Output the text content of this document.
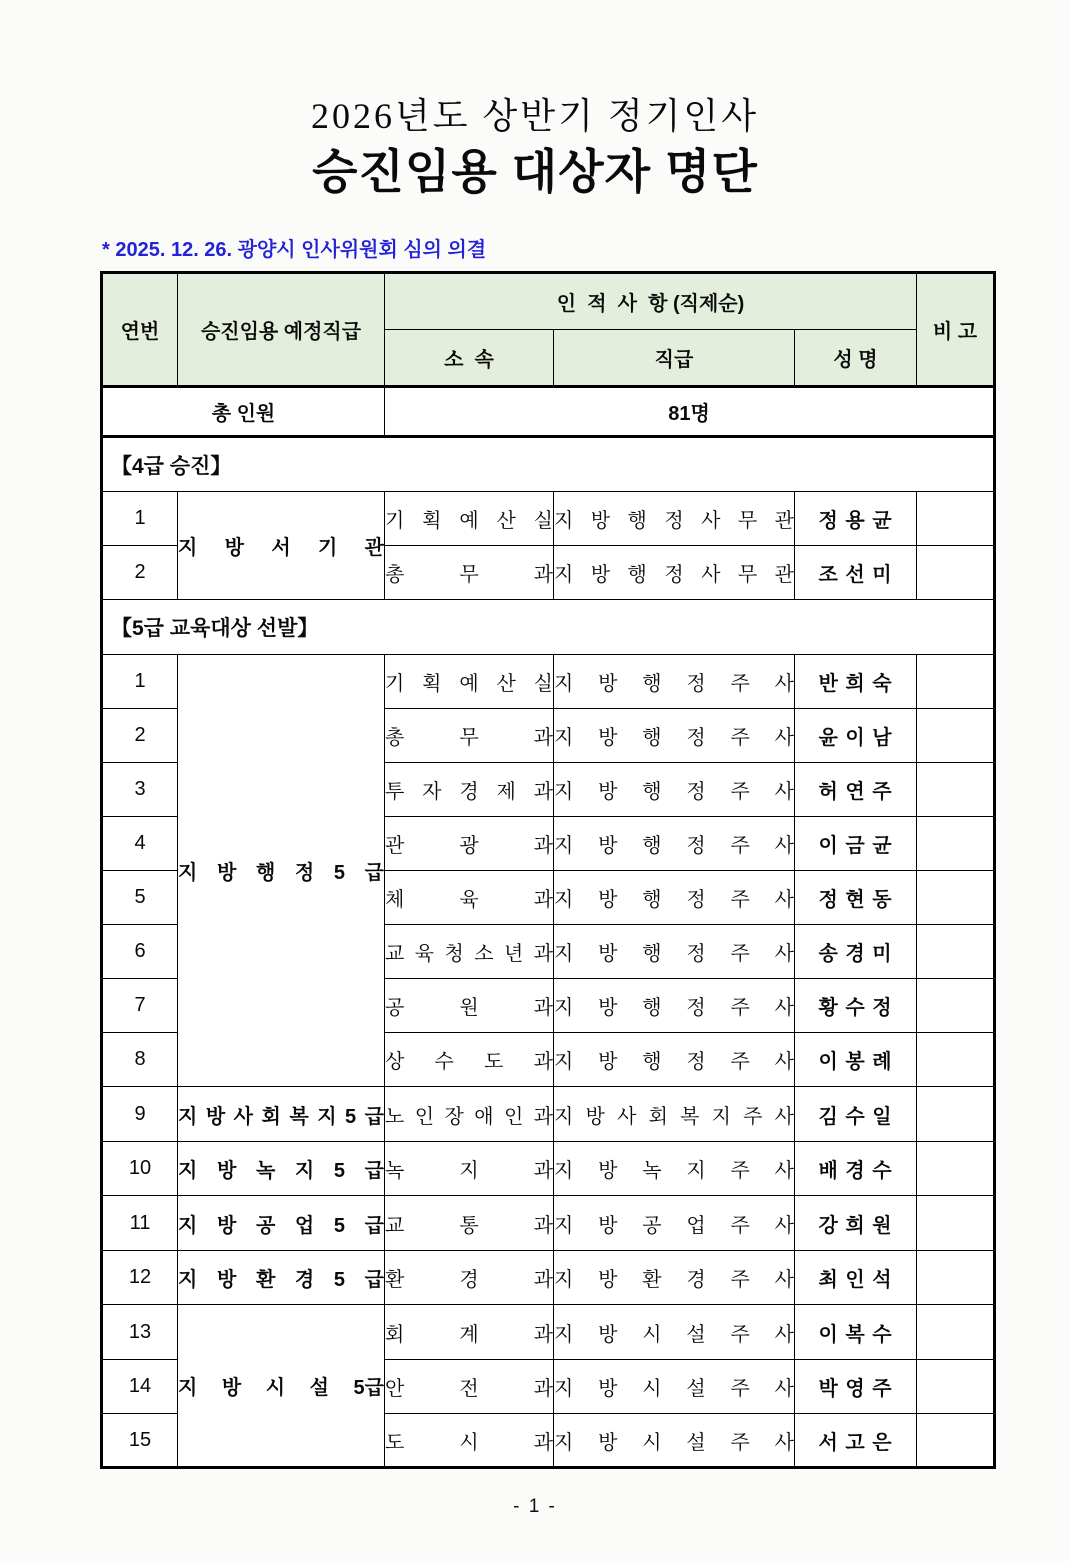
2026년도 상반기 정기인사
승진임용 대상자 명단
* 2025. 12. 26. 광양시 인사위원회 심의 의결
연번	승진임용 예정직급	인  적  사  항 (직제순)			비 고
		소  속	직급	성 명	
총 인원		81명			
【4급 승진】					
1	지 방 서 기 관	기 획 예 산 실	지 방 행 정 사 무 관	정 용 균	
2		총 무 과	지 방 행 정 사 무 관	조 선 미	
【5급 교육대상 선발】					
1	지 방 행 정 5 급	기 획 예 산 실	지 방 행 정 주 사	반 희 숙	
2		총 무 과	지 방 행 정 주 사	윤 이 남	
3		투 자 경 제 과	지 방 행 정 주 사	허 연 주	
4		관 광 과	지 방 행 정 주 사	이 금 균	
5		체 육 과	지 방 행 정 주 사	정 현 동	
6		교 육 청 소 년 과	지 방 행 정 주 사	송 경 미	
7		공 원 과	지 방 행 정 주 사	황 수 정	
8		상 수 도 과	지 방 행 정 주 사	이 봉 례	
9	지 방 사 회 복 지 5 급	노 인 장 애 인 과	지 방 사 회 복 지 주 사	김 수 일	
10	지 방 녹 지 5 급	녹 지 과	지 방 녹 지 주 사	배 경 수	
11	지 방 공 업 5 급	교 통 과	지 방 공 업 주 사	강 희 원	
12	지 방 환 경 5 급	환 경 과	지 방 환 경 주 사	최 인 석	
13	지 방 시 설 5급	회 계 과	지 방 시 설 주 사	이 복 수	
14		안 전 과	지 방 시 설 주 사	박 영 주	
15		도 시 과	지 방 시 설 주 사	서 고 은	
- 1 -
